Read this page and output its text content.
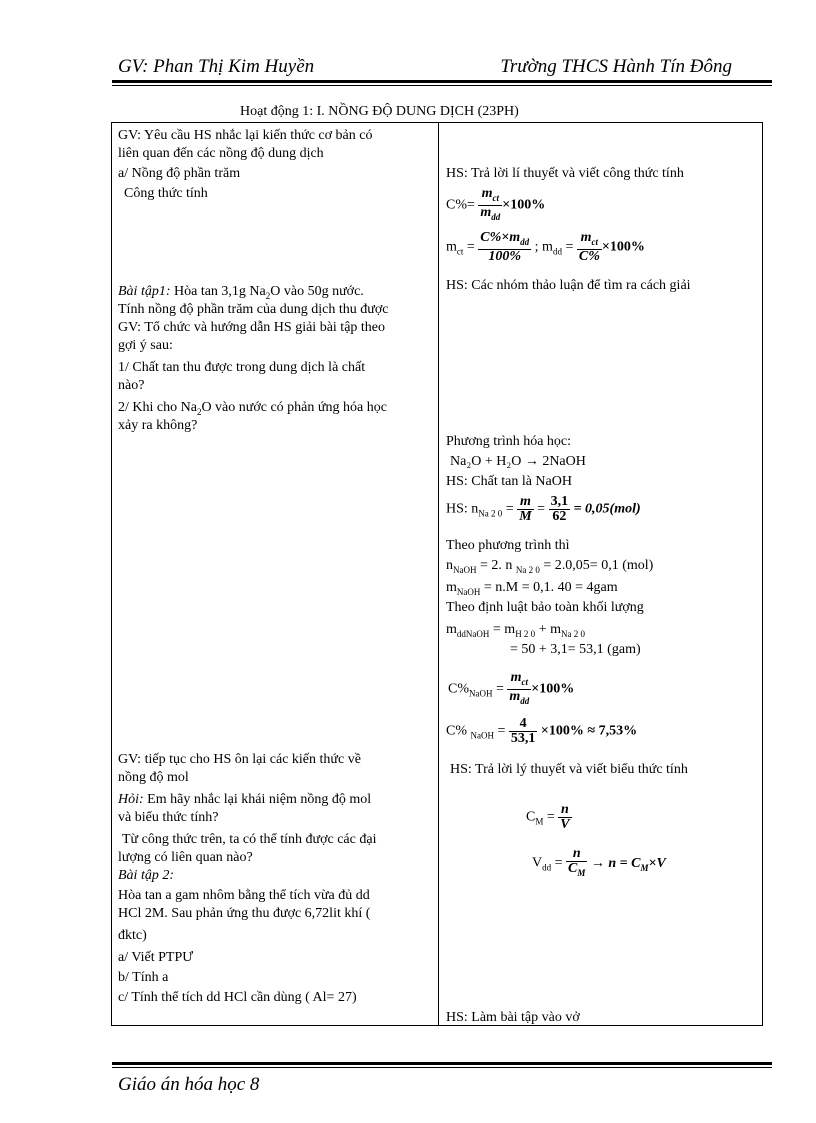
GV: Phan Thị Kim Huyền	Trường THCS Hành Tín Đông
Hoạt động 1: I. NỒNG ĐỘ DUNG DỊCH (23PH)
GV: Yêu cầu HS nhắc lại kiến thức cơ bản có
liên quan đến các nồng độ dung dịch
a/ Nồng độ phần trăm
Công thức tính
Bài tập1: Hòa tan 3,1g $Na_2O$ vào 50g nước.
Tính nồng độ phần trăm của dung dịch thu được
GV: Tổ chức và hướng dẫn HS giải bài tập theo
gợi ý sau:
1/ Chất tan thu được trong dung dịch là chất
nào?
2/ Khi cho $Na_2O$ vào nước có phản ứng hóa học
xảy ra không?
GV: tiếp tục cho HS ôn lại các kiến thức về
nồng độ mol
Hỏi: Em hãy nhắc lại khái niệm nồng độ mol
và biểu thức tính?
Từ công thức trên, ta có thể tính được các đại
lượng có liên quan nào?
Bài tập 2:
Hòa tan a gam nhôm bằng thể tích vừa đủ dd
HCl 2M. Sau phản ứng thu được 6,72lit khí (
đktc)
a/ Viết PTPƯ
b/ Tính a
c/ Tính thể tích dd HCl cần dùng ( Al= 27)
HS: Trả lời lí thuyết và viết công thức tính
$C\%= \frac{m_{ct}}{m_{dd}} \times 100\%$
$m_{ct} = \frac{C\%\times m_{dd}}{100\%}$ ; $m_{dd} = \frac{m_{ct}}{C\%} \times 100\%$
HS: Các nhóm thảo luận để tìm ra cách giải
Phương trình hóa học:
Na₂O + H₂O → 2NaOH
HS: Chất tan là NaOH
HS: $n_{Na 2 0} = \frac{m}{M} = \frac{3,1}{62} = 0,05(mol)$
Theo phương trình thì
$n_{NaOH} = 2$. n $_{Na 2 0}$ = 2.0,05= 0,1 (mol)
$m_{NaOH} = n.M = 0,1$. 40 = 4gam
Theo định luật bảo toàn khối lượng
$m_{ddNaOH} = m_{H 2 0} + m_{Na 2 0}$
= 50 + 3,1= 53,1 (gam)
$C\%_{NaOH} = \frac{m_{ct}}{m_{dd}} \times 100\%$
C% $_{NaOH} = \frac{4}{53,1} \times 100\% \approx 7,53\%$
HS: Trả lời lý thuyết và viết biểu thức tính
$C_M = \frac{n}{V}$
$V_{dd} = \frac{n}{C_M} \to n = C_M\times V$
HS: Làm bài tập vào vở
Giáo án hóa học 8
